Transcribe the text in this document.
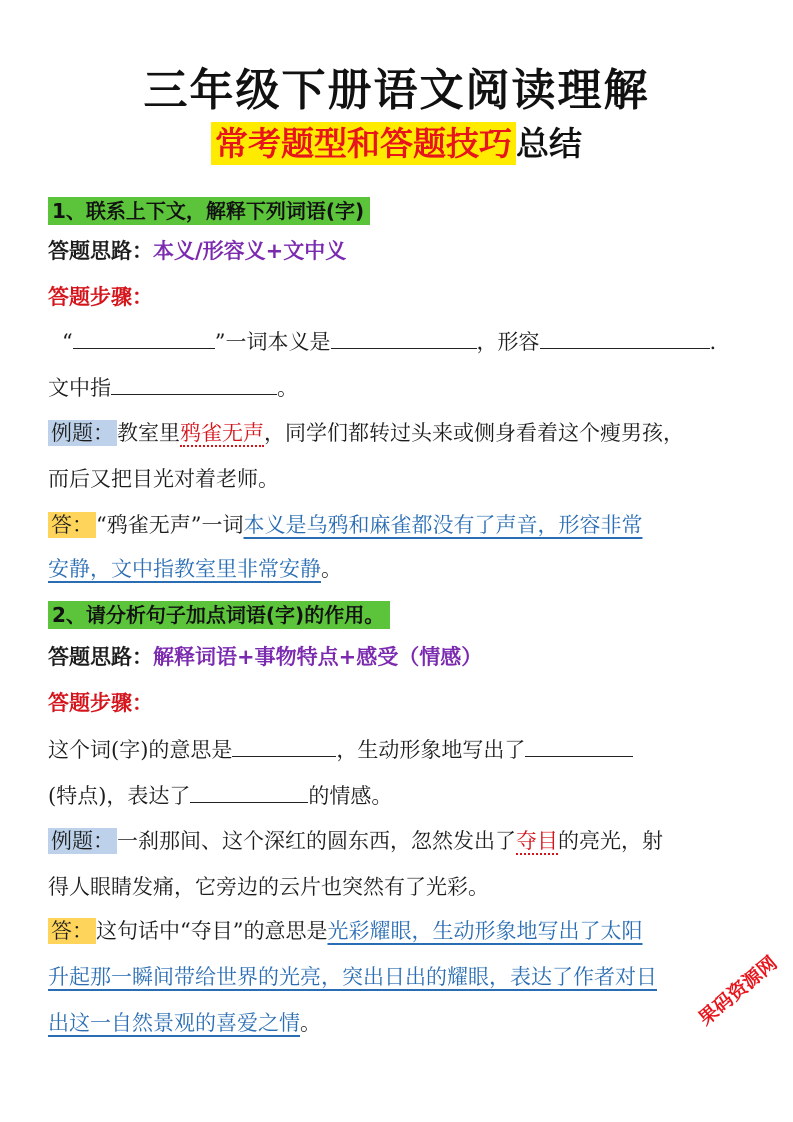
三年级下册语文阅读理解
常考题型和答题技巧 总结
1、联系上下文，解释下列词语(字)
答题思路：本义/形容义+文中义
答题步骤：
“	”一词本义是	，形容	.
文中指	。
例题： 教室里鸦雀无声，同学们都转过头来或侧身看着这个瘦男孩，
而后又把目光对着老师。
答： “鸦雀无声”一词本义是乌鸦和麻雀都没有了声音，形容非常
安静，文中指教室里非常安静。
2、请分析句子加点词语(字)的作用。
答题思路：解释词语+事物特点+感受（情感）
答题步骤：
这个词(字)的意思是	，生动形象地写出了
(特点)，表达了	的情感。
例题： 一刹那间、这个深红的圆东西，忽然发出了夺目的亮光，射
得人眼睛发痛，它旁边的云片也突然有了光彩。
答： 这句话中“夺目”的意思是光彩耀眼，生动形象地写出了太阳
升起那一瞬间带给世界的光亮，突出日出的耀眼，表达了作者对日
出这一自然景观的喜爱之情。	果码资源网
